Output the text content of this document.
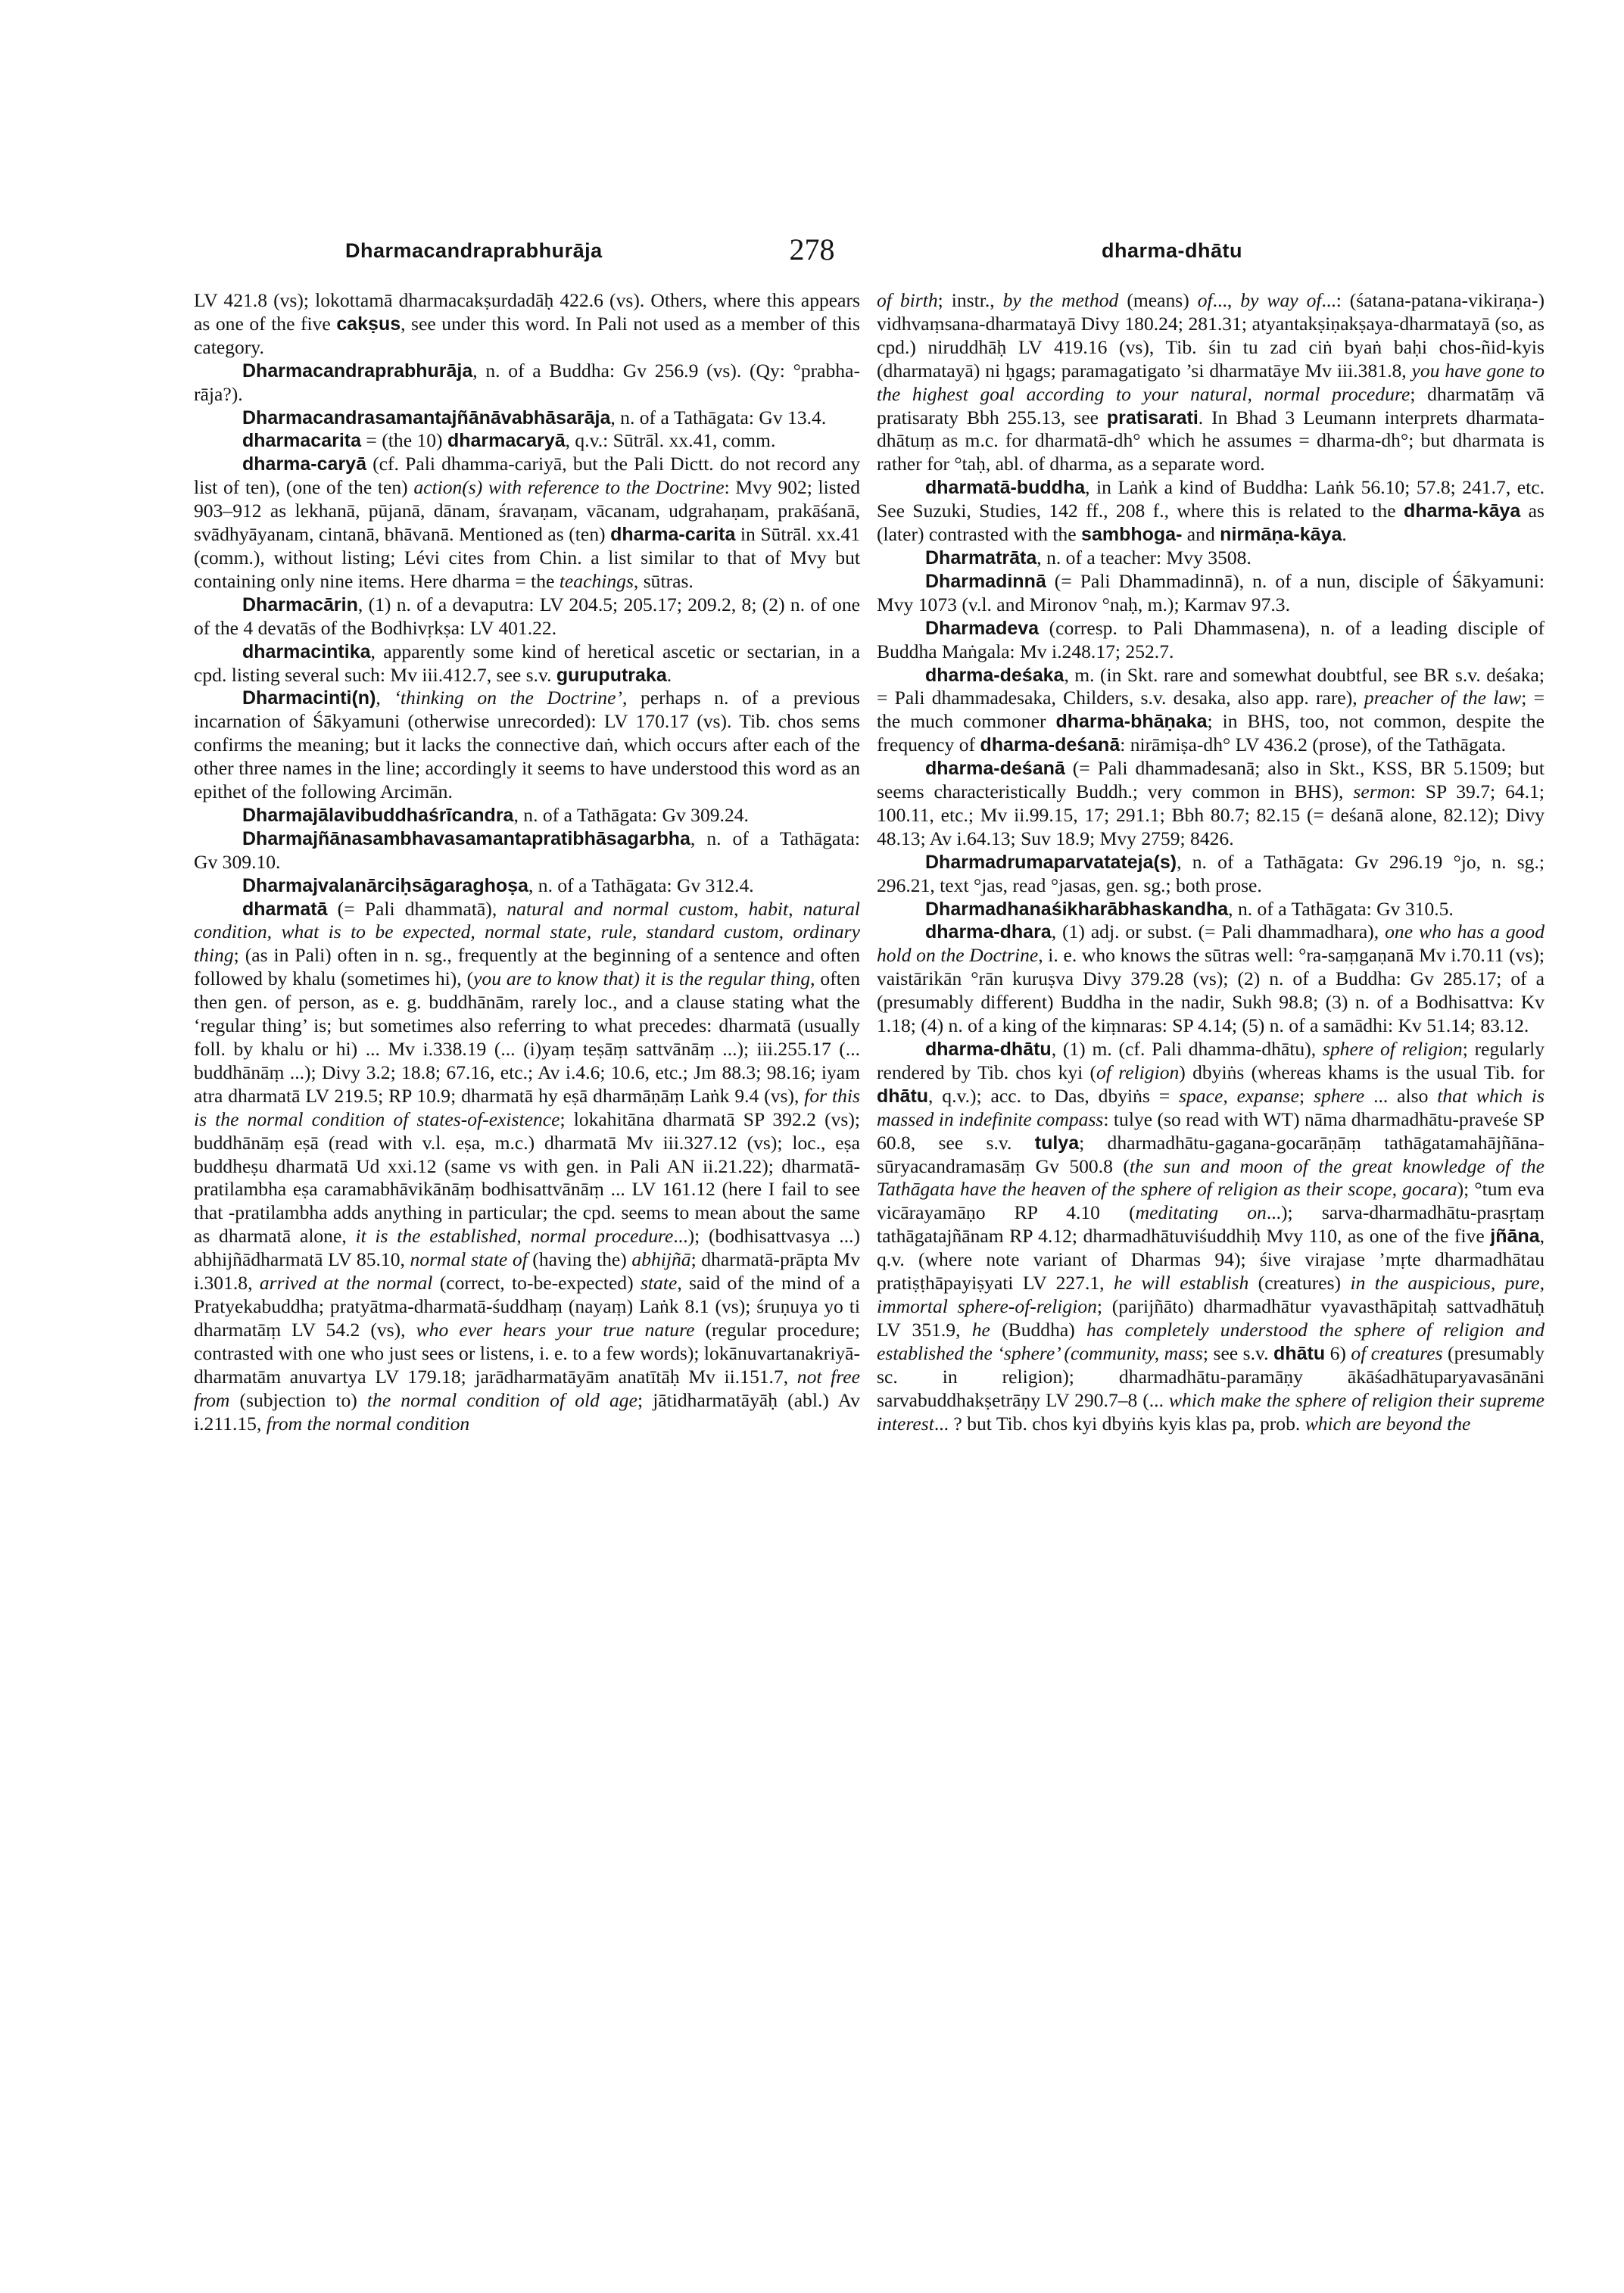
Dharmacandraprabhurāja	278	dharma-dhātu

LV 421.8 (vs); lokottamā dharmacakṣurdadāḥ 422.6 (vs). Others, where this appears as one of the five cakṣus, see under this word. In Pali not used as a member of this category.

Dharmacandraprabhurāja, n. of a Buddha: Gv 256.9 (vs). (Qy: °prabha-rāja?).

Dharmacandrasamantajñānāvabhāsarāja, n. of a Tathāgata: Gv 13.4.

dharmacarita = (the 10) dharmacaryā, q.v.: Sūtrāl. xx.41, comm.

dharma-caryā (cf. Pali dhamma-cariyā, but the Pali Dictt. do not record any list of ten), (one of the ten) action(s) with reference to the Doctrine: Mvy 902; listed 903–912 as lekhanā, pūjanā, dānam, śravaṇam, vācanam, udgrahaṇam, prakāśanā, svādhyāyanam, cintanā, bhāvanā. Mentioned as (ten) dharma-carita in Sūtrāl. xx.41 (comm.), without listing; Lévi cites from Chin. a list similar to that of Mvy but containing only nine items. Here dharma = the teachings, sūtras.

Dharmacārin, (1) n. of a devaputra: LV 204.5; 205.17; 209.2, 8; (2) n. of one of the 4 devatās of the Bodhivṛkṣa: LV 401.22.

dharmacintika, apparently some kind of heretical ascetic or sectarian, in a cpd. listing several such: Mv iii.412.7, see s.v. guruputraka.

Dharmacinti(n), ‘thinking on the Doctrine’, perhaps n. of a previous incarnation of Śākyamuni (otherwise unrecorded): LV 170.17 (vs). Tib. chos sems confirms the meaning; but it lacks the connective daṅ, which occurs after each of the other three names in the line; accordingly it seems to have understood this word as an epithet of the following Arcimān.

Dharmajālavibuddhaśrīcandra, n. of a Tathāgata: Gv 309.24.

Dharmajñānasambhavasamantapratibhāsagarbha, n. of a Tathāgata: Gv 309.10.

Dharmajvalanārciḥsāgaraghoṣa, n. of a Tathāgata: Gv 312.4.

dharmatā (= Pali dhammatā), natural and normal custom, habit, natural condition, what is to be expected, normal state, rule, standard custom, ordinary thing; (as in Pali) often in n. sg., frequently at the beginning of a sentence and often followed by khalu (sometimes hi), (you are to know that) it is the regular thing, often then gen. of person, as e. g. buddhānām, rarely loc., and a clause stating what the ‘regular thing’ is; but sometimes also referring to what precedes: dharmatā (usually foll. by khalu or hi) ... Mv i.338.19 (... (i)yaṃ teṣāṃ sattvānāṃ ...); iii.255.17 (... buddhānāṃ ...); Divy 3.2; 18.8; 67.16, etc.; Av i.4.6; 10.6, etc.; Jm 88.3; 98.16; iyam atra dharmatā LV 219.5; RP 10.9; dharmatā hy eṣā dharmāṇāṃ Laṅk 9.4 (vs), for this is the normal condition of states-of-existence; lokahitāna dharmatā SP 392.2 (vs); buddhānāṃ eṣā (read with v.l. eṣa, m.c.) dharmatā Mv iii.327.12 (vs); loc., eṣa buddheṣu dharmatā Ud xxi.12 (same vs with gen. in Pali AN ii.21.22); dharmatā-pratilambha eṣa caramabhāvikānāṃ bodhisattvānāṃ ... LV 161.12 (here I fail to see that -pratilambha adds anything in particular; the cpd. seems to mean about the same as dharmatā alone, it is the established, normal procedure...); (bodhisattvasya ...) abhijñādharmatā LV 85.10, normal state of (having the) abhijñā; dharmatā-prāpta Mv i.301.8, arrived at the normal (correct, to-be-expected) state, said of the mind of a Pratyekabuddha; pratyātma-dharmatā-śuddhaṃ (nayaṃ) Laṅk 8.1 (vs); śruṇuya yo ti dharmatāṃ LV 54.2 (vs), who ever hears your true nature (regular procedure; contrasted with one who just sees or listens, i. e. to a few words); lokānuvartanakriyā-dharmatām anuvartya LV 179.18; jarādharmatāyām anatītāḥ Mv ii.151.7, not free from (subjection to) the normal condition of old age; jātidharmatāyāḥ (abl.) Av i.211.15, from the normal condition

of birth; instr., by the method (means) of..., by way of...: (śatana-patana-vikiraṇa-) vidhvaṃsana-dharmatayā Divy 180.24; 281.31; atyantakṣiṇakṣaya-dharmatayā (so, as cpd.) niruddhāḥ LV 419.16 (vs), Tib. śin tu zad ciṅ byaṅ baḥi chos-ñid-kyis (dharmatayā) ni ḥgags; paramagatigato ’si dharmatāye Mv iii.381.8, you have gone to the highest goal according to your natural, normal procedure; dharmatāṃ vā pratisaraty Bbh 255.13, see pratisarati. In Bhad 3 Leumann interprets dharmata-dhātuṃ as m.c. for dharmatā-dh° which he assumes = dharma-dh°; but dharmata is rather for °taḥ, abl. of dharma, as a separate word.

dharmatā-buddha, in Laṅk a kind of Buddha: Laṅk 56.10; 57.8; 241.7, etc. See Suzuki, Studies, 142 ff., 208 f., where this is related to the dharma-kāya as (later) contrasted with the sambhoga- and nirmāṇa-kāya.

Dharmatrāta, n. of a teacher: Mvy 3508.

Dharmadinnā (= Pali Dhammadinnā), n. of a nun, disciple of Śākyamuni: Mvy 1073 (v.l. and Mironov °naḥ, m.); Karmav 97.3.

Dharmadeva (corresp. to Pali Dhammasena), n. of a leading disciple of Buddha Maṅgala: Mv i.248.17; 252.7.

dharma-deśaka, m. (in Skt. rare and somewhat doubtful, see BR s.v. deśaka; = Pali dhammadesaka, Childers, s.v. desaka, also app. rare), preacher of the law; = the much commoner dharma-bhāṇaka; in BHS, too, not common, despite the frequency of dharma-deśanā: nirāmiṣa-dh° LV 436.2 (prose), of the Tathāgata.

dharma-deśanā (= Pali dhammadesanā; also in Skt., KSS, BR 5.1509; but seems characteristically Buddh.; very common in BHS), sermon: SP 39.7; 64.1; 100.11, etc.; Mv ii.99.15, 17; 291.1; Bbh 80.7; 82.15 (= deśanā alone, 82.12); Divy 48.13; Av i.64.13; Suv 18.9; Mvy 2759; 8426.

Dharmadrumaparvatateja(s), n. of a Tathāgata: Gv 296.19 °jo, n. sg.; 296.21, text °jas, read °jasas, gen. sg.; both prose.

Dharmadhanaśikharābhaskandha, n. of a Tathāgata: Gv 310.5.

dharma-dhara, (1) adj. or subst. (= Pali dhammadhara), one who has a good hold on the Doctrine, i. e. who knows the sūtras well: °ra-saṃgaṇanā Mv i.70.11 (vs); vaistārikān °rān kuruṣva Divy 379.28 (vs); (2) n. of a Buddha: Gv 285.17; of a (presumably different) Buddha in the nadir, Sukh 98.8; (3) n. of a Bodhisattva: Kv 1.18; (4) n. of a king of the kiṃnaras: SP 4.14; (5) n. of a samādhi: Kv 51.14; 83.12.

dharma-dhātu, (1) m. (cf. Pali dhamma-dhātu), sphere of religion; regularly rendered by Tib. chos kyi (of religion) dbyiṅs (whereas khams is the usual Tib. for dhātu, q.v.); acc. to Das, dbyiṅs = space, expanse; sphere ... also that which is massed in indefinite compass: tulye (so read with WT) nāma dharmadhātu-praveśe SP 60.8, see s.v. tulya; dharmadhātu-gagana-gocarāṇāṃ tathāgatamahājñāna-sūryacandramasāṃ Gv 500.8 (the sun and moon of the great knowledge of the Tathāgata have the heaven of the sphere of religion as their scope, gocara); °tum eva vicārayamāṇo RP 4.10 (meditating on...); sarva-dharmadhātu-prasṛtaṃ tathāgatajñānam RP 4.12; dharmadhātuviśuddhiḥ Mvy 110, as one of the five jñāna, q.v. (where note variant of Dharmas 94); śive virajase ’mṛte dharmadhātau pratiṣṭhāpayiṣyati LV 227.1, he will establish (creatures) in the auspicious, pure, immortal sphere-of-religion; (parijñāto) dharmadhātur vyavasthāpitaḥ sattvadhātuḥ LV 351.9, he (Buddha) has completely understood the sphere of religion and established the ‘sphere’ (community, mass; see s.v. dhātu 6) of creatures (presumably sc. in religion); dharmadhātu-paramāṇy ākāśadhātuparyavasānāni sarvabuddhakṣetrāṇy LV 290.7–8 (... which make the sphere of religion their supreme interest... ? but Tib. chos kyi dbyiṅs kyis klas pa, prob. which are beyond the
